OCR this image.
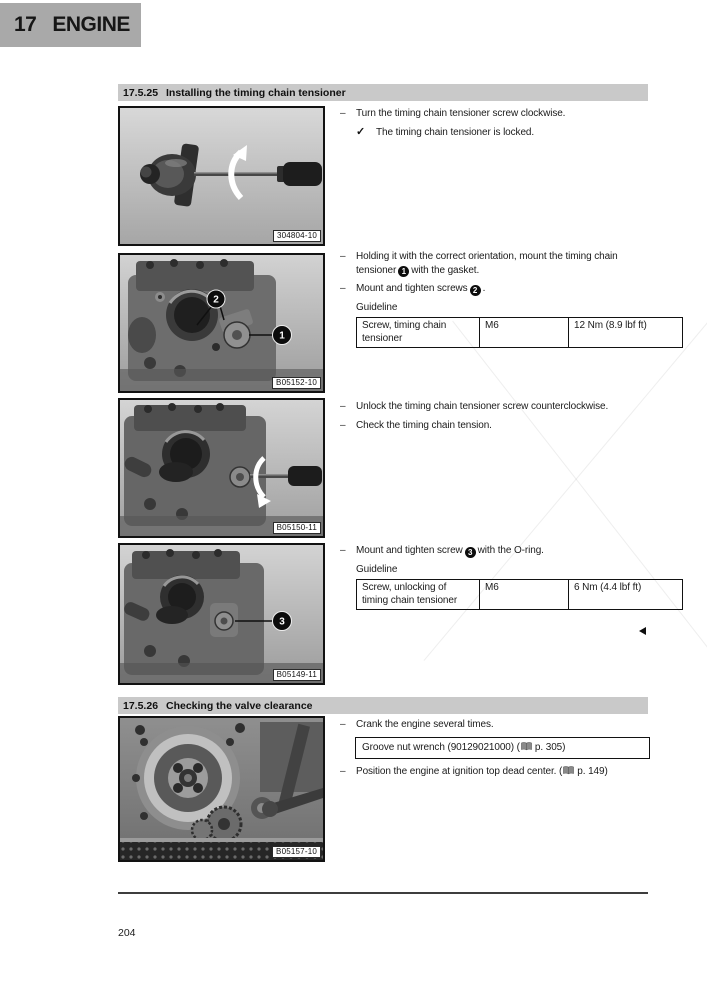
17 ENGINE
17.5.25 Installing the timing chain tensioner
304804-10
–	Turn the timing chain tensioner screw clockwise.
✓	The timing chain tensioner is locked.
2
1
B05152-10
–	Holding it with the correct orientation, mount the timing chain tensioner 1 with the gasket.
–	Mount and tighten screws 2 .
Guideline
Screw, timing chain tensioner	M6	12 Nm (8.9 lbf ft)
B05150-11
–	Unlock the timing chain tensioner screw counterclockwise.
–	Check the timing chain tension.
3
B05149-11
–	Mount and tighten screw 3 with the O-ring.
Guideline
Screw, unlocking of timing chain tensioner	M6	6 Nm (4.4 lbf ft)
17.5.26 Checking the valve clearance
B05157-10
–	Crank the engine several times.
Groove nut wrench (90129021000) ( p. 305)
–	Position the engine at ignition top dead center. ( p. 149)
204
